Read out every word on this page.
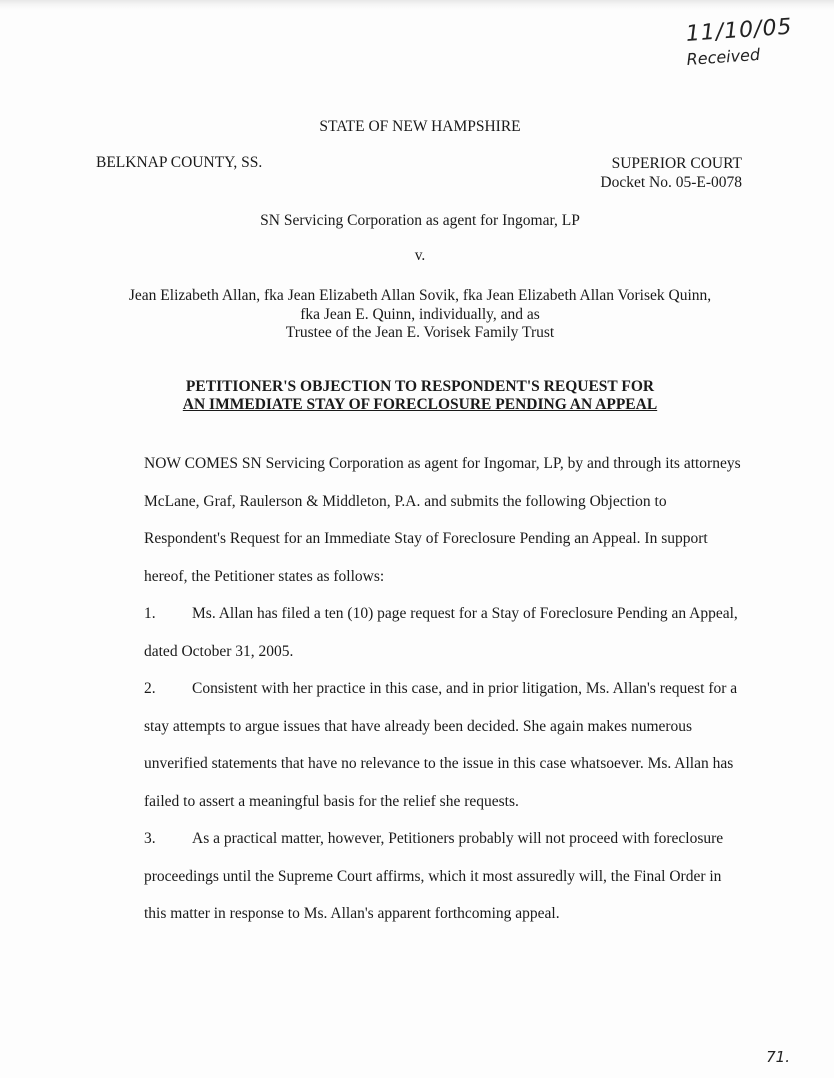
11/10/05
Received
STATE OF NEW HAMPSHIRE
BELKNAP COUNTY, SS.	SUPERIOR COURT
Docket No. 05-E-0078
SN Servicing Corporation as agent for Ingomar, LP
v.
Jean Elizabeth Allan, fka Jean Elizabeth Allan Sovik, fka Jean Elizabeth Allan Vorisek Quinn,
fka Jean E. Quinn, individually, and as
Trustee of the Jean E. Vorisek Family Trust
PETITIONER'S OBJECTION TO RESPONDENT'S REQUEST FOR
AN IMMEDIATE STAY OF FORECLOSURE PENDING AN APPEAL

NOW COMES SN Servicing Corporation as agent for Ingomar, LP, by and through its attorneys McLane, Graf, Raulerson & Middleton, P.A. and submits the following Objection to Respondent's Request for an Immediate Stay of Foreclosure Pending an Appeal. In support hereof, the Petitioner states as follows:

1. Ms. Allan has filed a ten (10) page request for a Stay of Foreclosure Pending an Appeal, dated October 31, 2005.

2. Consistent with her practice in this case, and in prior litigation, Ms. Allan's request for a stay attempts to argue issues that have already been decided. She again makes numerous unverified statements that have no relevance to the issue in this case whatsoever. Ms. Allan has failed to assert a meaningful basis for the relief she requests.

3. As a practical matter, however, Petitioners probably will not proceed with foreclosure proceedings until the Supreme Court affirms, which it most assuredly will, the Final Order in this matter in response to Ms. Allan's apparent forthcoming appeal.

71.
